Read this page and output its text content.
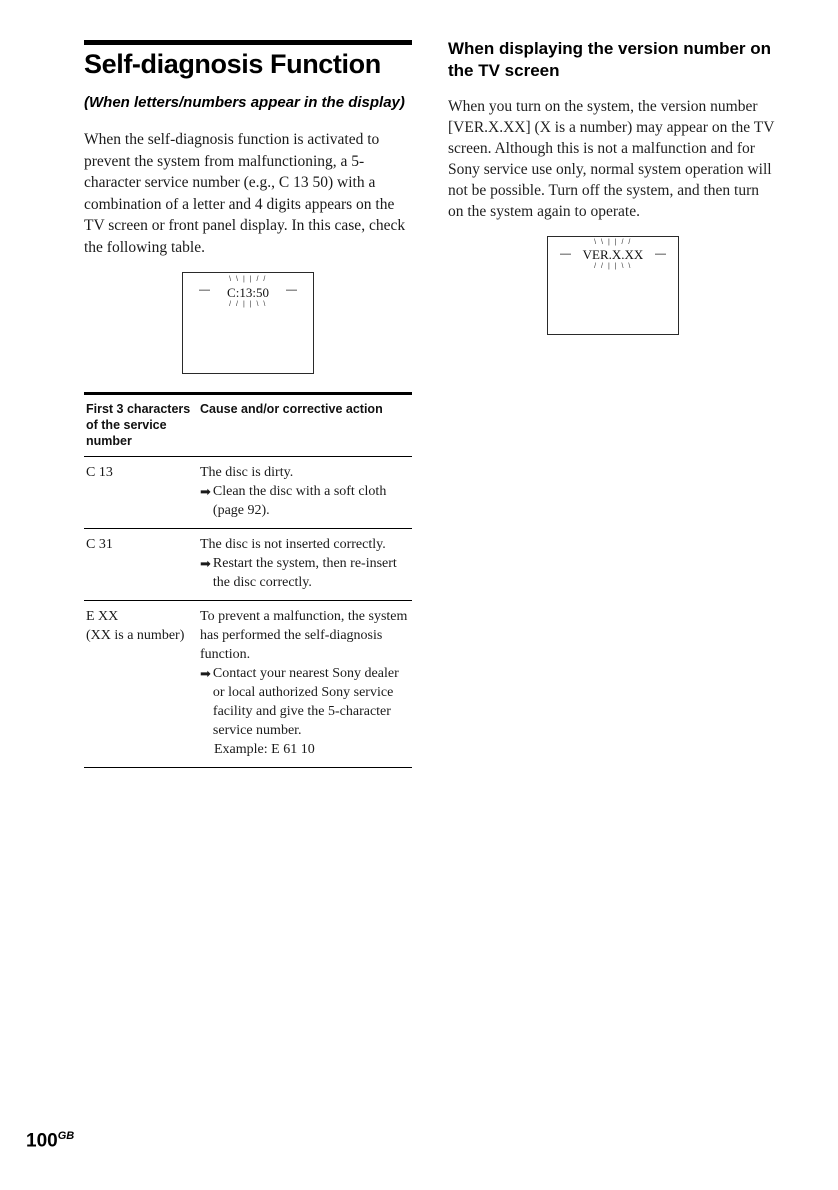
Self-diagnosis Function
(When letters/numbers appear in the display)

When the self-diagnosis function is activated to prevent the system from malfunctioning, a 5-character service number (e.g., C 13 50) with a combination of a letter and 4 digits appears on the TV screen or front panel display. In this case, check the following table.

\ \ | | / /
—	—
C:13:50
/ / | | \ \
First 3 characters of the service number	Cause and/or corrective action
C 13	The disc is dirty.
➡ Clean the disc with a soft cloth (page 92).

C 31	The disc is not inserted correctly.
➡ Restart the system, then re-insert the disc correctly.

E XX
(XX is a number)

To prevent a malfunction, the system has performed the self-diagnosis function.
➡ Contact your nearest Sony dealer or local authorized Sony service facility and give the 5-character service number.
Example: E 61 10
When displaying the version number on the TV screen

When you turn on the system, the version number [VER.X.XX] (X is a number) may appear on the TV screen. Although this is not a malfunction and for Sony service use only, normal system operation will not be possible. Turn off the system, and then turn on the system again to operate.

\ \ | | / /
—	—
VER.X.XX
/ / | | \ \
$100^{GB}$
